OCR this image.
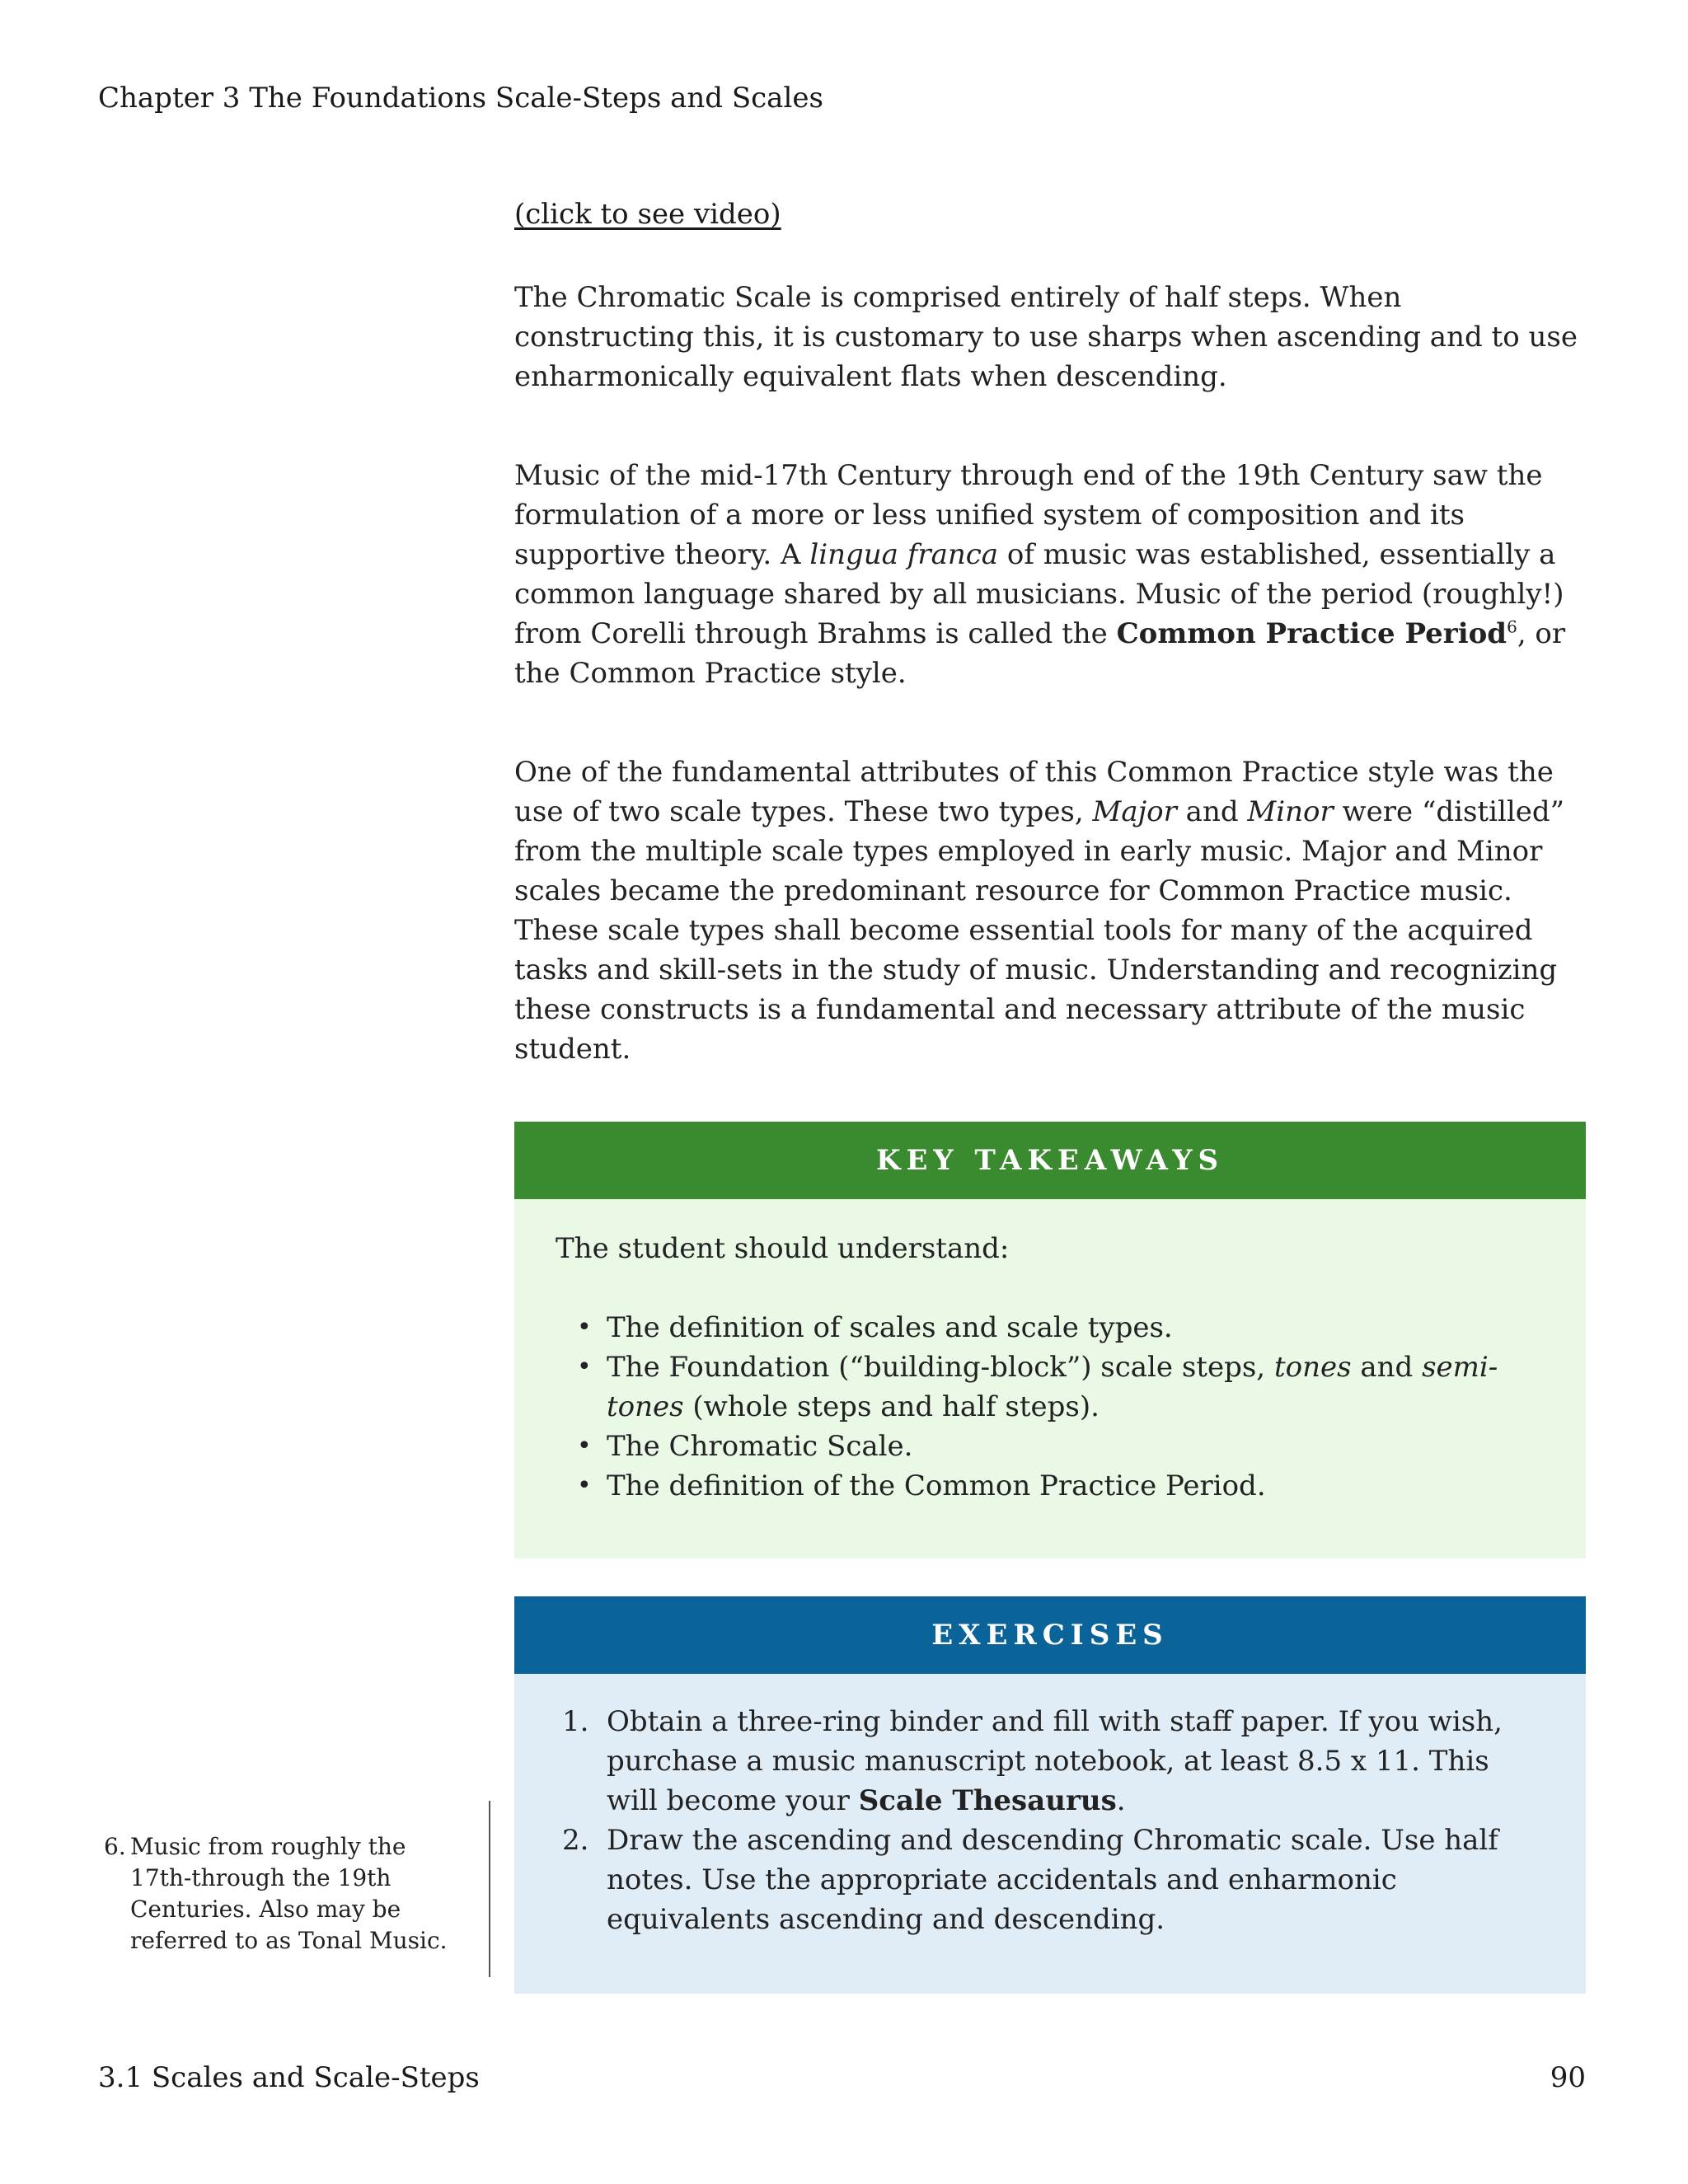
Chapter 3 The Foundations Scale-Steps and Scales
(click to see video)

The Chromatic Scale is comprised entirely of half steps. When constructing this, it is customary to use sharps when ascending and to use enharmonically equivalent flats when descending.

Music of the mid-17th Century through end of the 19th Century saw the formulation of a more or less unified system of composition and its supportive theory. A lingua franca of music was established, essentially a common language shared by all musicians. Music of the period (roughly!) from Corelli through Brahms is called the Common Practice Period$^6$, or the Common Practice style.

One of the fundamental attributes of this Common Practice style was the use of two scale types. These two types, Major and Minor were “distilled” from the multiple scale types employed in early music. Major and Minor scales became the predominant resource for Common Practice music. These scale types shall become essential tools for many of the acquired tasks and skill-sets in the study of music. Understanding and recognizing these constructs is a fundamental and necessary attribute of the music student.

KEY TAKEAWAYS

The student should understand:

• The definition of scales and scale types.
• The Foundation (“building-block”) scale steps, tones and semi-tones (whole steps and half steps).
• The Chromatic Scale.
• The definition of the Common Practice Period.
EXERCISES
1. Obtain a three-ring binder and fill with staff paper. If you wish, purchase a music manuscript notebook, at least 8.5 x 11. This will become your Scale Thesaurus.
2. Draw the ascending and descending Chromatic scale. Use half notes. Use the appropriate accidentals and enharmonic equivalents ascending and descending.
6. Music from roughly the 17th-through the 19th Centuries. Also may be referred to as Tonal Music.
3.1 Scales and Scale-Steps	90
